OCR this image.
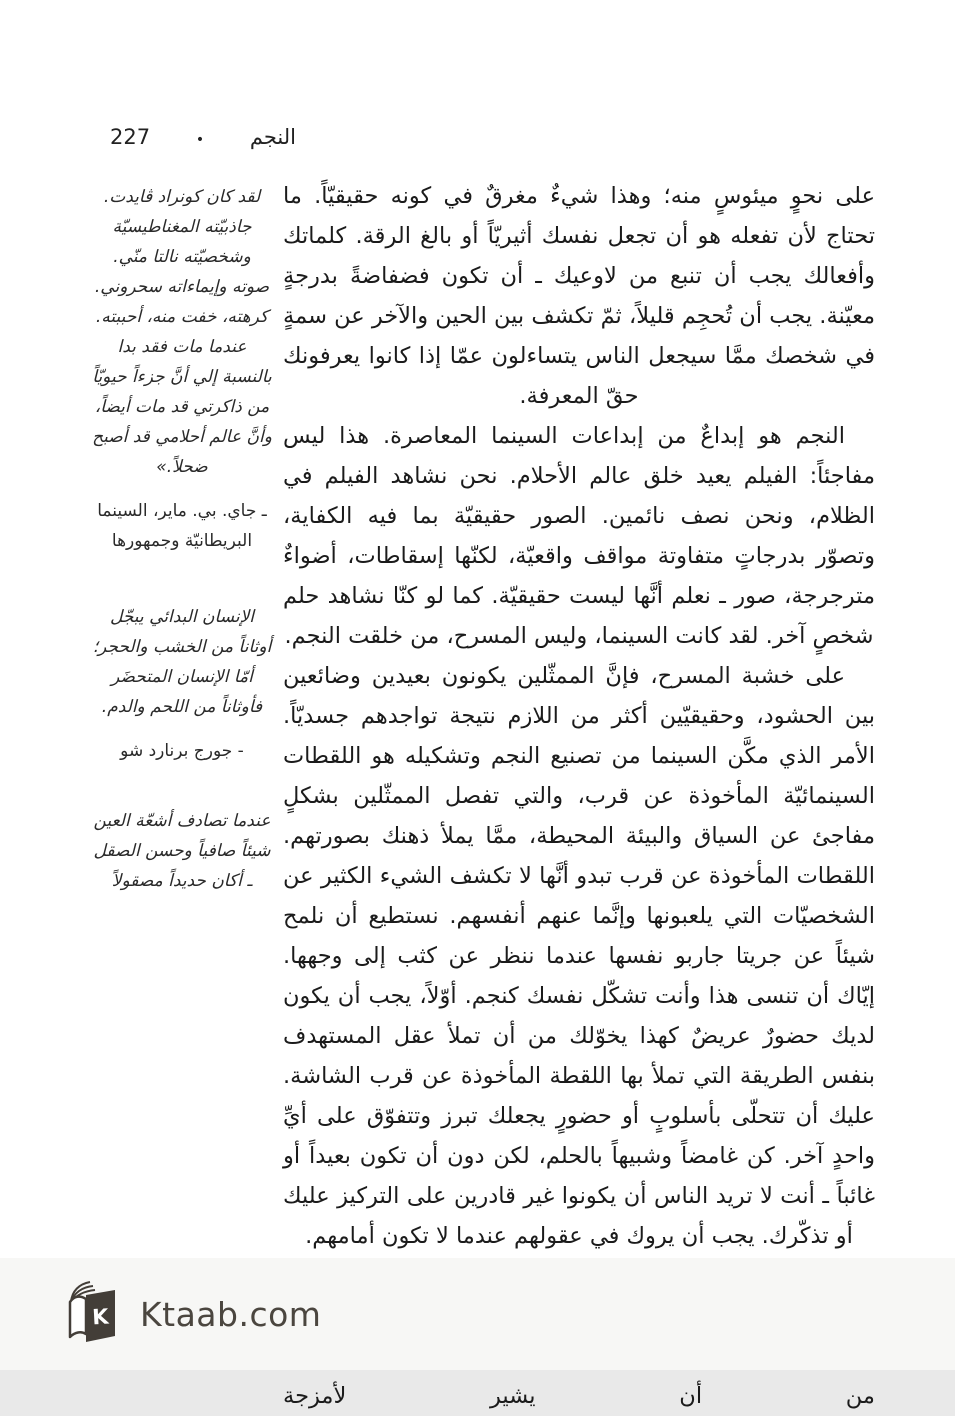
النجم
•
227

على نحوٍ ميئوسٍ منه؛ وهذا شيءٌ مغرقٌ في كونه حقيقيّاً. ما تحتاج لأن تفعله هو أن تجعل نفسك أثيريّاً أو بالغ الرقة. كلماتك وأفعالك يجب أن تنبع من لاوعيك ـ أن تكون فضفاضةً بدرجةٍ معيّنة. يجب أن تُحجِم قليلاً، ثمّ تكشف بين الحين والآخر عن سمةٍ في شخصك ممَّا سيجعل الناس يتساءلون عمّا إذا كانوا يعرفونك حقّ المعرفة.

النجم هو إبداعٌ من إبداعات السينما المعاصرة. هذا ليس مفاجئاً: الفيلم يعيد خلق عالم الأحلام. نحن نشاهد الفيلم في الظلام، ونحن نصف نائمين. الصور حقيقيّة بما فيه الكفاية، وتصوّر بدرجاتٍ متفاوتة مواقف واقعيّة، لكنّها إسقاطات، أضواءٌ مترجرجة، صور ـ نعلم أنَّها ليست حقيقيّة. كما لو كنّا نشاهد حلم شخصٍ آخر. لقد كانت السينما، وليس المسرح، من خلقت النجم.

على خشبة المسرح، فإنَّ الممثّلين يكونون بعيدين وضائعين بين الحشود، وحقيقيّين أكثر من اللازم نتيجة تواجدهم جسديّاً. الأمر الذي مكَّن السينما من تصنيع النجم وتشكيله هو اللقطات السينمائيّة المأخوذة عن قرب، والتي تفصل الممثّلين بشكلٍ مفاجئ عن السياق والبيئة المحيطة، ممَّا يملأ ذهنك بصورتهم. اللقطات المأخوذة عن قرب تبدو أنَّها لا تكشف الشيء الكثير عن الشخصيّات التي يلعبونها وإنَّما عنهم أنفسهم. نستطيع أن نلمح شيئاً عن جريتا جاربو نفسها عندما ننظر عن كثب إلى وجهها. إيّاك أن تنسى هذا وأنت تشكّل نفسك كنجم. أوّلاً، يجب أن يكون لديك حضورٌ عريضٌ كهذا يخوّلك من أن تملأ عقل المستهدف بنفس الطريقة التي تملأ بها اللقطة المأخوذة عن قرب الشاشة. عليك أن تتحلّى بأسلوبٍ أو حضورٍ يجعلك تبرز وتتفوّق على أيِّ واحدٍ آخر. كن غامضاً وشبيهاً بالحلم، لكن دون أن تكون بعيداً أو غائباً ـ أنت لا تريد الناس أن يكونوا غير قادرين على التركيز عليك أو تذكّرك. يجب أن يروك في عقولهم عندما لا تكون أمامهم.

من أن يشير لأمزجة

لقد كان كونراد ڤايدت. جاذبيّته المغناطيسيّة وشخصيّته نالتا منّي. صوته وإيماءاته سحروني. كرهته، خفت منه، أحببته. عندما مات فقد بدا بالنسبة إلي أنَّ جزءاً حيويّاً من ذاكرتي قد مات أيضاً، وأنَّ عالم أحلامي قد أصبح ضحلاً.»

ـ جاي. بي. ماير، السينما البريطانيّة وجمهورها

الإنسان البدائي يبجّل أوثاناً من الخشب والحجر؛ أمّا الإنسان المتحضَر فأوثاناً من اللحم والدم.

- جورج برنارد شو

عندما تصادف أشعّة العين شيئاً صافياً وحسن الصقل ـ أكان حديداً مصقولاً

K Ktaab.com
